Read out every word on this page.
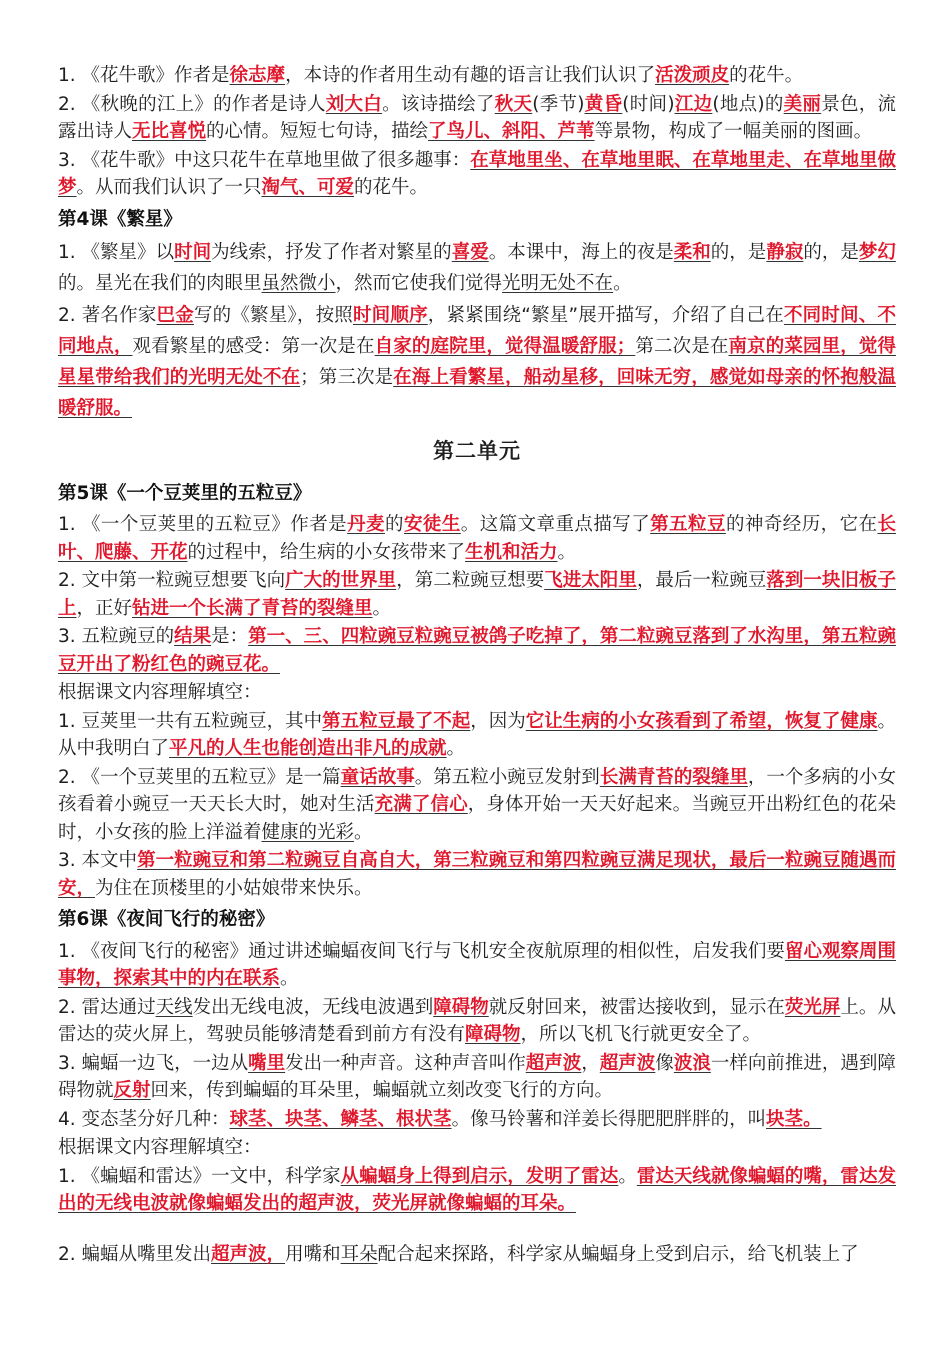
1. 《花牛歌》作者是徐志摩，本诗的作者用生动有趣的语言让我们认识了活泼顽皮的花牛。

2. 《秋晚的江上》的作者是诗人刘大白。该诗描绘了秋天(季节)黄昏(时间)江边(地点)的美丽景色，流露出诗人无比喜悦的心情。短短七句诗，描绘了鸟儿、斜阳、芦苇等景物，构成了一幅美丽的图画。

3. 《花牛歌》中这只花牛在草地里做了很多趣事：在草地里坐、在草地里眠、在草地里走、在草地里做梦。从而我们认识了一只淘气、可爱的花牛。

第4课《繁星》

1. 《繁星》以时间为线索，抒发了作者对繁星的喜爱。本课中，海上的夜是柔和的，是静寂的，是梦幻的。星光在我们的肉眼里虽然微小，然而它使我们觉得光明无处不在。

2. 著名作家巴金写的《繁星》，按照时间顺序，紧紧围绕“繁星”展开描写，介绍了自己在不同时间、不同地点，观看繁星的感受：第一次是在自家的庭院里，觉得温暖舒服；第二次是在南京的菜园里，觉得星星带给我们的光明无处不在；第三次是在海上看繁星，船动星移，回味无穷，感觉如母亲的怀抱般温暖舒服。

第二单元
第5课《一个豆荚里的五粒豆》

1. 《一个豆荚里的五粒豆》作者是丹麦的安徒生。这篇文章重点描写了第五粒豆的神奇经历，它在长叶、爬藤、开花的过程中，给生病的小女孩带来了生机和活力。

2. 文中第一粒豌豆想要飞向广大的世界里，第二粒豌豆想要飞进太阳里，最后一粒豌豆落到一块旧板子上，正好钻进一个长满了青苔的裂缝里。

3. 五粒豌豆的结果是：第一、三、四粒豌豆粒豌豆被鸽子吃掉了，第二粒豌豆落到了水沟里，第五粒豌豆开出了粉红色的豌豆花。

根据课文内容理解填空：

1. 豆荚里一共有五粒豌豆，其中第五粒豆最了不起，因为它让生病的小女孩看到了希望，恢复了健康。从中我明白了平凡的人生也能创造出非凡的成就。

2. 《一个豆荚里的五粒豆》是一篇童话故事。第五粒小豌豆发射到长满青苔的裂缝里，一个多病的小女孩看着小豌豆一天天长大时，她对生活充满了信心，身体开始一天天好起来。当豌豆开出粉红色的花朵时，小女孩的脸上洋溢着健康的光彩。

3. 本文中第一粒豌豆和第二粒豌豆自高自大，第三粒豌豆和第四粒豌豆满足现状，最后一粒豌豆随遇而安，为住在顶楼里的小姑娘带来快乐。

第6课《夜间飞行的秘密》

1. 《夜间飞行的秘密》通过讲述蝙蝠夜间飞行与飞机安全夜航原理的相似性，启发我们要留心观察周围事物，探索其中的内在联系。

2. 雷达通过天线发出无线电波，无线电波遇到障碍物就反射回来，被雷达接收到，显示在荧光屏上。从雷达的荧火屏上，驾驶员能够清楚看到前方有没有障碍物，所以飞机飞行就更安全了。

3. 蝙蝠一边飞，一边从嘴里发出一种声音。这种声音叫作超声波，超声波像波浪一样向前推进，遇到障碍物就反射回来，传到蝙蝠的耳朵里，蝙蝠就立刻改变飞行的方向。

4. 变态茎分好几种：球茎、块茎、鳞茎、根状茎。像马铃薯和洋姜长得肥肥胖胖的，叫块茎。

根据课文内容理解填空：

1. 《蝙蝠和雷达》一文中，科学家从蝙蝠身上得到启示，发明了雷达。雷达天线就像蝙蝠的嘴，雷达发出的无线电波就像蝙蝠发出的超声波，荧光屏就像蝙蝠的耳朵。

2. 蝙蝠从嘴里发出超声波，用嘴和耳朵配合起来探路，科学家从蝙蝠身上受到启示，给飞机装上了
